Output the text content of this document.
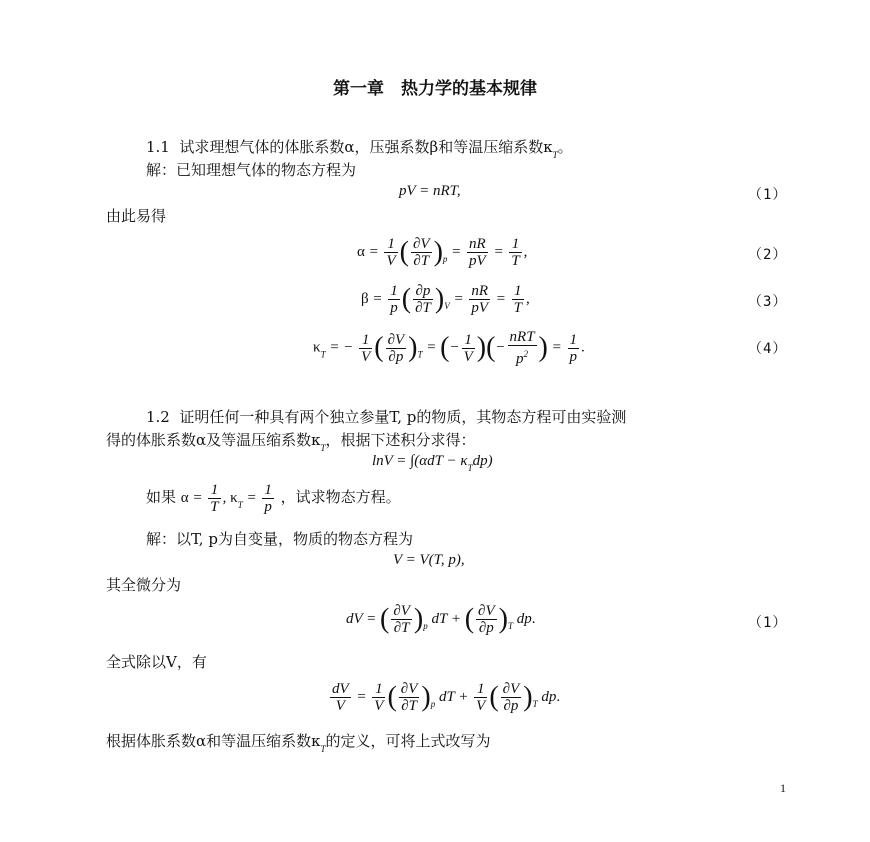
第一章　热力学的基本规律
1.1 试求理想气体的体胀系数α，压强系数β和等温压缩系数$\kappa_T$。
解：已知理想气体的物态方程为
pV = nRT,	（1）
由此易得
$\alpha = \frac{1}{V}$ ( $\frac{\partial V}{\partial T} )_p = \frac{nR}{pV} = \frac{1}{T}$ ,	（2）
$\beta = \frac{1}{p}$ ( $\frac{\partial p}{\partial T} )_V = \frac{nR}{pV} = \frac{1}{T}$ ,	（3）
$\kappa_T$ = − $\frac{1}{V}$ ( $\frac{\partial V}{\partial p} )_T$ = (− $\frac{1}{V}$ )(− $\frac{\text{nRT}}{p^2}$ ) = $\frac{1}{p}$ .	（4）
1.2 证明任何一种具有两个独立参量T, p的物质，其物态方程可由实验测
得的体胀系数α及等温压缩系数$\kappa_T$，根据下述积分求得：
$\ln V = \int(\alpha dT - \kappa_Tdp)$
如果 $\alpha = \frac{1}{T}$ , $\kappa_T = \frac{1}{p}$ ，试求物态方程。
解：以T, p为自变量，物质的物态方程为
V = V(T, p),
其全微分为
dV = ( $\frac{\partial V}{\partial T} )_p$ dT + ( $\frac{\partial V}{\partial p} )_T$ dp.	（1）
全式除以V，有
$\frac{dV}{V} = \frac{1}{V}$ ( $\frac{\partial V}{\partial T} )_p$ dT + $\frac{1}{V}$ ( $\frac{\partial V}{\partial p} )_T$ dp.
根据体胀系数α和等温压缩系数$\kappa_T$的定义，可将上式改写为
1
